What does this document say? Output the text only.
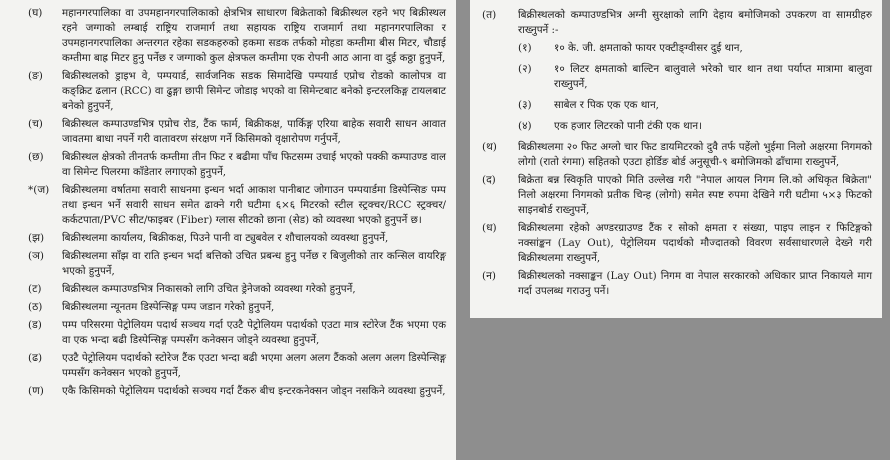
(घ)	महानगरपालिका वा उपमहानगरपालिकाको क्षेत्रभित्र साधारण बिक्रेताको बिक्रीस्थल रहने भए बिक्रीस्थल रहने जग्गाको लम्बाई राष्ट्रिय राजमार्ग तथा सहायक राष्ट्रिय राजमार्ग तथा महानगरपालिका र उपमहानगरपालिका अन्तरगत रहेका सडकहरुको हकमा सडक तर्फको मोहडा कम्तीमा बीस मिटर, चौडाई कम्तीमा बाह्र मिटर हुनु पर्नेछ र जग्गाको कुल क्षेत्रफल कम्तीमा एक रोपनी आठ आना वा दुई कठ्ठा हुनुपर्ने,
(ङ)	बिक्रीस्थलको ड्राइभ वे, पम्पयार्ड, सार्वजनिक सडक सिमादेखि पम्पयार्ड एप्रोच रोडको कालोपत्र वा कङ्क्रिट ढलान (RCC) वा ढुङ्गा छापी सिमेन्ट जोडाइ भएको वा सिमेन्टबाट बनेको इन्टरलकिङ्ग टायलबाट बनेको हुनुपर्ने,
(च)	बिक्रीस्थल कम्पाउण्डभित्र एप्रोच रोड, टैंक फार्म, बिक्रीकक्ष, पार्किङ्ग एरिया बाहेक सवारी साधन आवात जावतमा बाधा नपर्ने गरी वातावरण संरक्षण गर्ने किसिमको वृक्षारोपण गर्नुपर्ने,
(छ)	बिक्रीस्थल क्षेत्रको तीनतर्फ कम्तीमा तीन फिट र बढीमा पाँच फिटसम्म उचाई भएको पक्की कम्पाउण्ड वाल वा सिमेन्ट पिलरमा काँडेतार लगाएको हुनुपर्ने,
*(ज)	बिक्रीस्थलमा वर्षातमा सवारी साधनमा इन्धन भर्दा आकाश पानीबाट जोगाउन पम्पयार्डमा डिस्पेन्सिङ पम्प तथा इन्धन भर्ने सवारी साधन समेत ढाक्ने गरी घटीमा ६×६ मिटरको स्टील स्ट्रक्चर/RCC स्ट्रक्चर/कर्कटपाता/PVC सीट/फाइबर (Fiber) ग्लास सीटको छाना (सेड) को व्यवस्था भएको हुनुपर्ने छ।
(झ)	बिक्रीस्थलमा कार्यालय, बिक्रीकक्ष, पिउने पानी वा ट्युबवेल र शौचालयको व्यवस्था हुनुपर्ने,
(ञ)	बिक्रीस्थलमा साँझ वा राति इन्धन भर्दा बत्तिको उचित प्रबन्ध हुनु पर्नेछ र बिजुलीको तार कन्सिल वायरिङ्ग भएको हुनुपर्ने,
(ट)	बिक्रीस्थल कम्पाउण्डभित्र निकासको लागि उचित ड्रेनेजको व्यवस्था गरेको हुनुपर्ने,
(ठ)	बिक्रीस्थलमा न्यूनतम डिस्पेन्सिङ्ग पम्प जडान गरेको हुनुपर्ने,
(ड)	पम्प परिसरमा पेट्रोलियम पदार्थ सञ्चय गर्दा एउटै पेट्रोलियम पदार्थको एउटा मात्र स्टोरेज टैंक भएमा एक वा एक भन्दा बढी डिस्पेन्सिङ्ग पम्पसँग कनेक्सन जोड्ने व्यवस्था हुनुपर्ने,
(ढ)	एउटै पेट्रोलियम पदार्थको स्टोरेज टैंक एउटा भन्दा बढी भएमा अलग अलग टैंकको अलग अलग डिस्पेन्सिङ्ग पम्पसँग कनेक्सन भएको हुनुपर्ने,
(ण)	एकै किसिमको पेट्रोलियम पदार्थको सञ्चय गर्दा टैंकरु बीच इन्टरकनेक्सन जोड्न नसकिने व्यवस्था हुनुपर्ने,
(त)	बिक्रीस्थलको कम्पाउण्डभित्र अग्नी सुरक्षाको लागि देहाय बमोजिमको उपकरण वा सामग्रीहरु राख्नुपर्ने :-
(१)	१० के. जी. क्षमताको फायर एक्टीङ्ग्वीसर दुई थान,
(२)	१० लिटर क्षमताको बाल्टिन बालुवाले भरेको चार थान तथा पर्याप्त मात्रामा बालुवा राख्नुपर्ने,
(३)	साबेल र पिक एक एक थान,
(४)	एक हजार लिटरको पानी टंकी एक थान।
(थ)	बिक्रीस्थलमा २० फिट अग्लो चार फिट डायमिटरको दुवै तर्फ पहेंलो भुईमा निलो अक्षरमा निगमको लोगो (रातो रंगमा) सहितको एउटा होर्डिङ बोर्ड अनुसूची-९ बमोजिमको ढाँचामा राख्नुपर्ने,
(द)	बिक्रेता बन्न स्विकृति पाएको मिति उल्लेख गरी "नेपाल आयल निगम लि.को अधिकृत बिक्रेता" निलो अक्षरमा निगमको प्रतीक चिन्ह (लोगो) समेत स्पष्ट रुपमा देखिने गरी घटीमा ५×३ फिटको साइनबोर्ड राख्नुपर्ने,
(ध)	बिक्रीस्थलमा रहेको अण्डरग्राउण्ड टैंक र सोको क्षमता र संख्या, पाइप लाइन र फिटिङ्गको नक्सांङ्कन (Lay Out), पेट्रोलियम पदार्थको मौज्दातको विवरण सर्वसाधारणले देख्ने गरी बिक्रीस्थलमा राख्नुपर्ने,
(न)	बिक्रीस्थलको नक्साङ्कन (Lay Out) निगम वा नेपाल सरकारको अधिकार प्राप्त निकायले माग गर्दा उपलब्ध गराउनु पर्ने।
